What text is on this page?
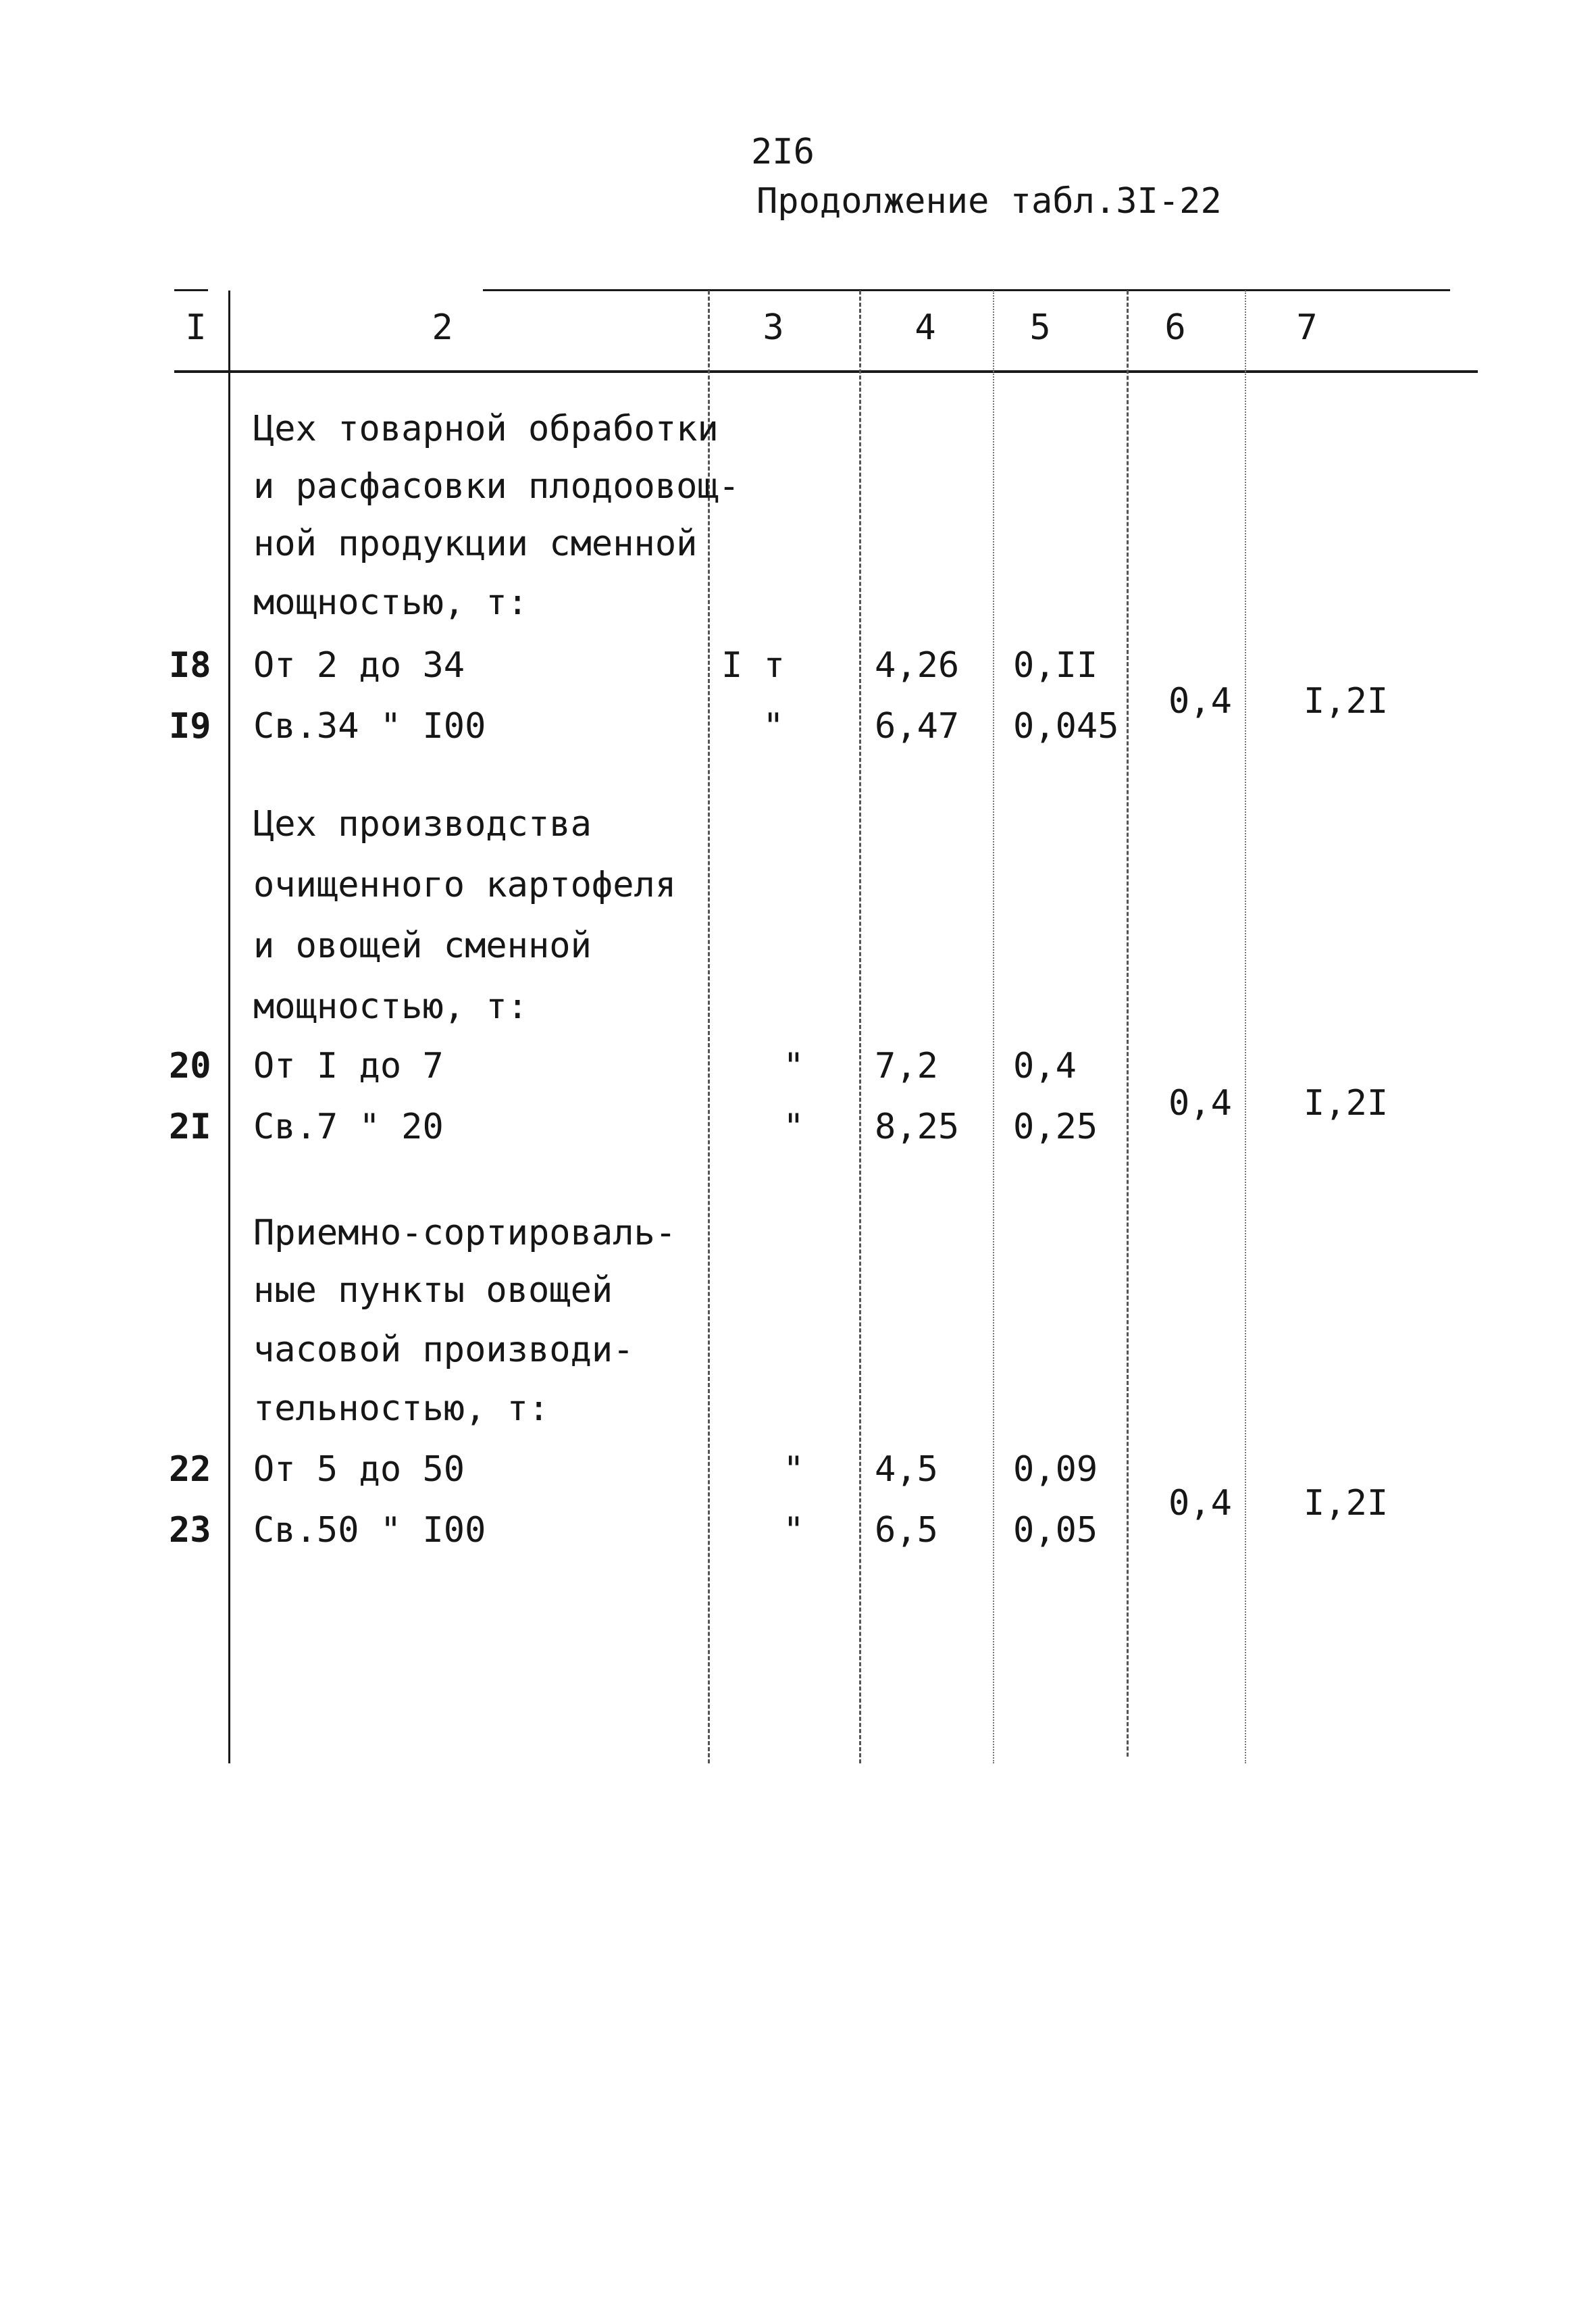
2I6
Продолжение табл.3I-22
I	2	3	4	5	6	7
Цех товарной обработки
и расфасовки плодоовощ-
ной продукции сменной
мощностью, т:
I8 От 2 до 34	I т	4,26 0,II
I9 Св.34 " I00	"	6,47 0,045
0,4 I,2I
Цех производства
очищенного картофеля
и овощей сменной
мощностью, т:
20 От I до 7	" 7,2 0,4
2I Св.7 " 20	" 8,25 0,25
0,4 I,2I
Приемно-сортироваль-
ные пункты овощей
часовой производи-
тельностью, т:
22 От 5 до 50	" 4,5 0,09
23 Св.50 " I00	" 6,5 0,05
0,4 I,2I
